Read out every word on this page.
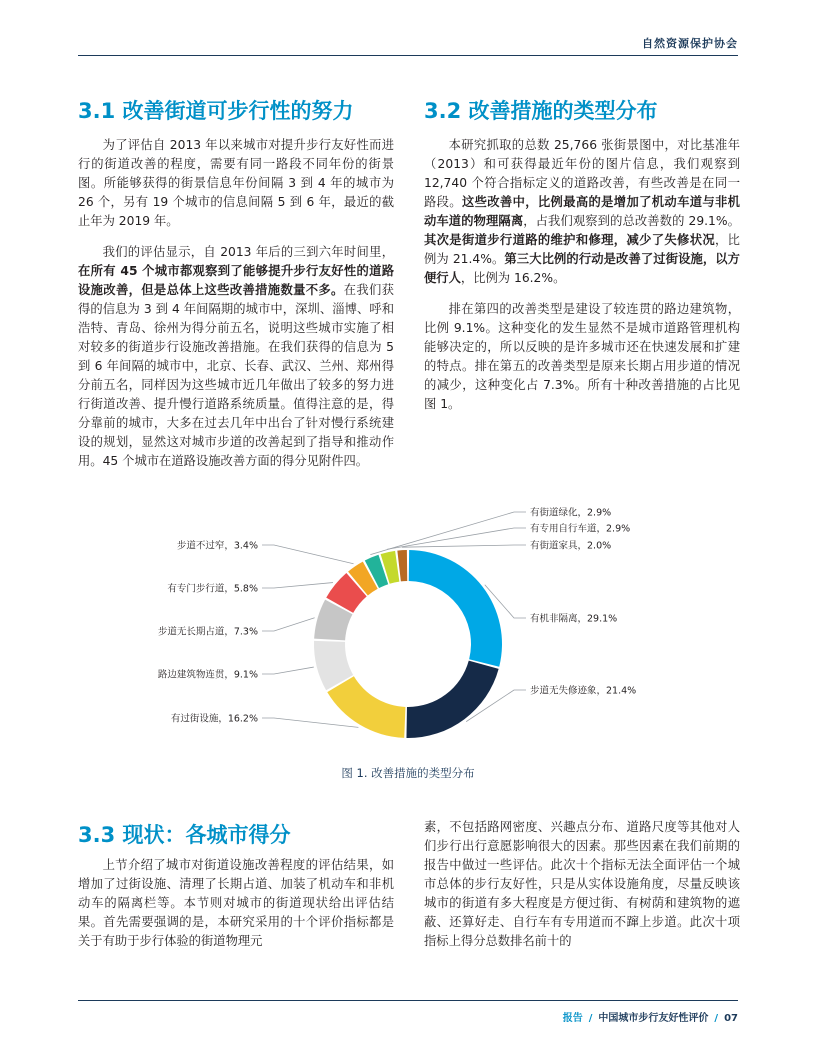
自然资源保护协会
3.1 改善街道可步行性的努力

为了评估自 2013 年以来城市对提升步行友好性而进行的街道改善的程度，需要有同一路段不同年份的街景图。所能够获得的街景信息年份间隔 3 到 4 年的城市为 26 个，另有 19 个城市的信息间隔 5 到 6 年，最近的截止年为 2019 年。

我们的评估显示，自 2013 年后的三到六年时间里，在所有 45 个城市都观察到了能够提升步行友好性的道路设施改善，但是总体上这些改善措施数量不多。在我们获得的信息为 3 到 4 年间隔期的城市中，深圳、淄博、呼和浩特、青岛、徐州为得分前五名，说明这些城市实施了相对较多的街道步行设施改善措施。在我们获得的信息为 5 到 6 年间隔的城市中，北京、长春、武汉、兰州、郑州得分前五名，同样因为这些城市近几年做出了较多的努力进行街道改善、提升慢行道路系统质量。值得注意的是，得分靠前的城市，大多在过去几年中出台了针对慢行系统建设的规划，显然这对城市步道的改善起到了指导和推动作用。45 个城市在道路设施改善方面的得分见附件四。

3.2 改善措施的类型分布

本研究抓取的总数 25,766 张街景图中，对比基准年（2013）和可获得最近年份的图片信息，我们观察到 12,740 个符合指标定义的道路改善，有些改善是在同一路段。这些改善中，比例最高的是增加了机动车道与非机动车道的物理隔离，占我们观察到的总改善数的 29.1%。其次是街道步行道路的维护和修理，减少了失修状况，比例为 21.4%。第三大比例的行动是改善了过街设施，以方便行人，比例为 16.2%。

排在第四的改善类型是建设了较连贯的路边建筑物，比例 9.1%。这种变化的发生显然不是城市道路管理机构能够决定的，所以反映的是许多城市还在快速发展和扩建的特点。排在第五的改善类型是原来长期占用步道的情况的减少，这种变化占 7.3%。所有十种改善措施的占比见图 1。

有机非隔离，29.1%
步道无失修迹象，21.4%
有过街设施，16.2%
路边建筑物连贯，9.1%
步道无长期占道，7.3%
有专门步行道，5.8%
步道不过窄，3.4%
有街道绿化，2.9%
有专用自行车道，2.9%
有街道家具，2.0%
图 1. 改善措施的类型分布
3.3 现状：各城市得分

上节介绍了城市对街道设施改善程度的评估结果，如增加了过街设施、清理了长期占道、加装了机动车和非机动车的隔离栏等。本节则对城市的街道现状给出评估结果。首先需要强调的是，本研究采用的十个评价指标都是关于有助于步行体验的街道物理元

素，不包括路网密度、兴趣点分布、道路尺度等其他对人们步行出行意愿影响很大的因素。那些因素在我们前期的报告中做过一些评估。此次十个指标无法全面评估一个城市总体的步行友好性，只是从实体设施角度，尽量反映该城市的街道有多大程度是方便过街、有树荫和建筑物的遮蔽、还算好走、自行车有专用道而不蹿上步道。此次十项指标上得分总数排名前十的

报告 / 中国城市步行友好性评价 / 07
